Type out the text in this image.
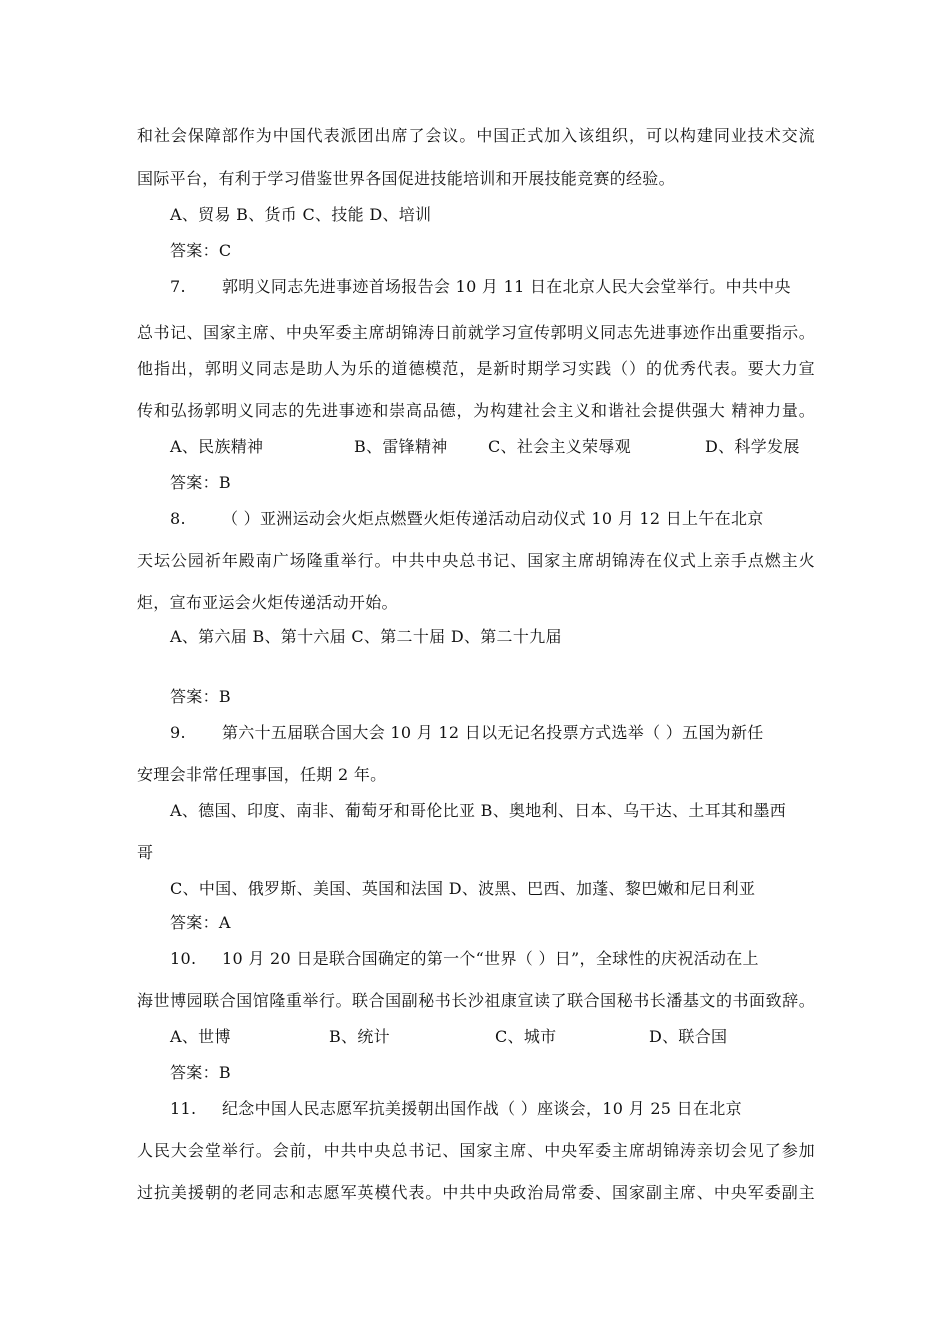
和社会保障部作为中国代表派团出席了会议。中国正式加入该组织，可以构建同业技术交流
国际平台，有利于学习借鉴世界各国促进技能培训和开展技能竞赛的经验。
A、贸易 B、货币 C、技能 D、培训
答案：C
7. 郭明义同志先进事迹首场报告会 10 月 11 日在北京人民大会堂举行。中共中央
总书记、国家主席、中央军委主席胡锦涛日前就学习宣传郭明义同志先进事迹作出重要指示。
他指出，郭明义同志是助人为乐的道德模范，是新时期学习实践（）的优秀代表。要大力宣
传和弘扬郭明义同志的先进事迹和崇高品德，为构建社会主义和谐社会提供强大 精神力量。
A、民族精神	B、雷锋精神	C、社会主义荣辱观	D、科学发展
答案：B
8. （ ）亚洲运动会火炬点燃暨火炬传递活动启动仪式 10 月 12 日上午在北京
天坛公园祈年殿南广场隆重举行。中共中央总书记、国家主席胡锦涛在仪式上亲手点燃主火
炬，宣布亚运会火炬传递活动开始。
A、第六届 B、第十六届 C、第二十届 D、第二十九届
答案：B
9. 第六十五届联合国大会 10 月 12 日以无记名投票方式选举（ ）五国为新任
安理会非常任理事国，任期 2 年。
A、德国、印度、南非、葡萄牙和哥伦比亚 B、奥地利、日本、乌干达、土耳其和墨西
哥
C、中国、俄罗斯、美国、英国和法国 D、波黑、巴西、加蓬、黎巴嫩和尼日利亚
答案：A
10. 10 月 20 日是联合国确定的第一个“世界（ ）日”，全球性的庆祝活动在上
海世博园联合国馆隆重举行。联合国副秘书长沙祖康宣读了联合国秘书长潘基文的书面致辞。
A、世博	B、统计	C、城市	D、联合国
答案：B
11. 纪念中国人民志愿军抗美援朝出国作战（ ）座谈会，10 月 25 日在北京
人民大会堂举行。会前，中共中央总书记、国家主席、中央军委主席胡锦涛亲切会见了参加
过抗美援朝的老同志和志愿军英模代表。中共中央政治局常委、国家副主席、中央军委副主
